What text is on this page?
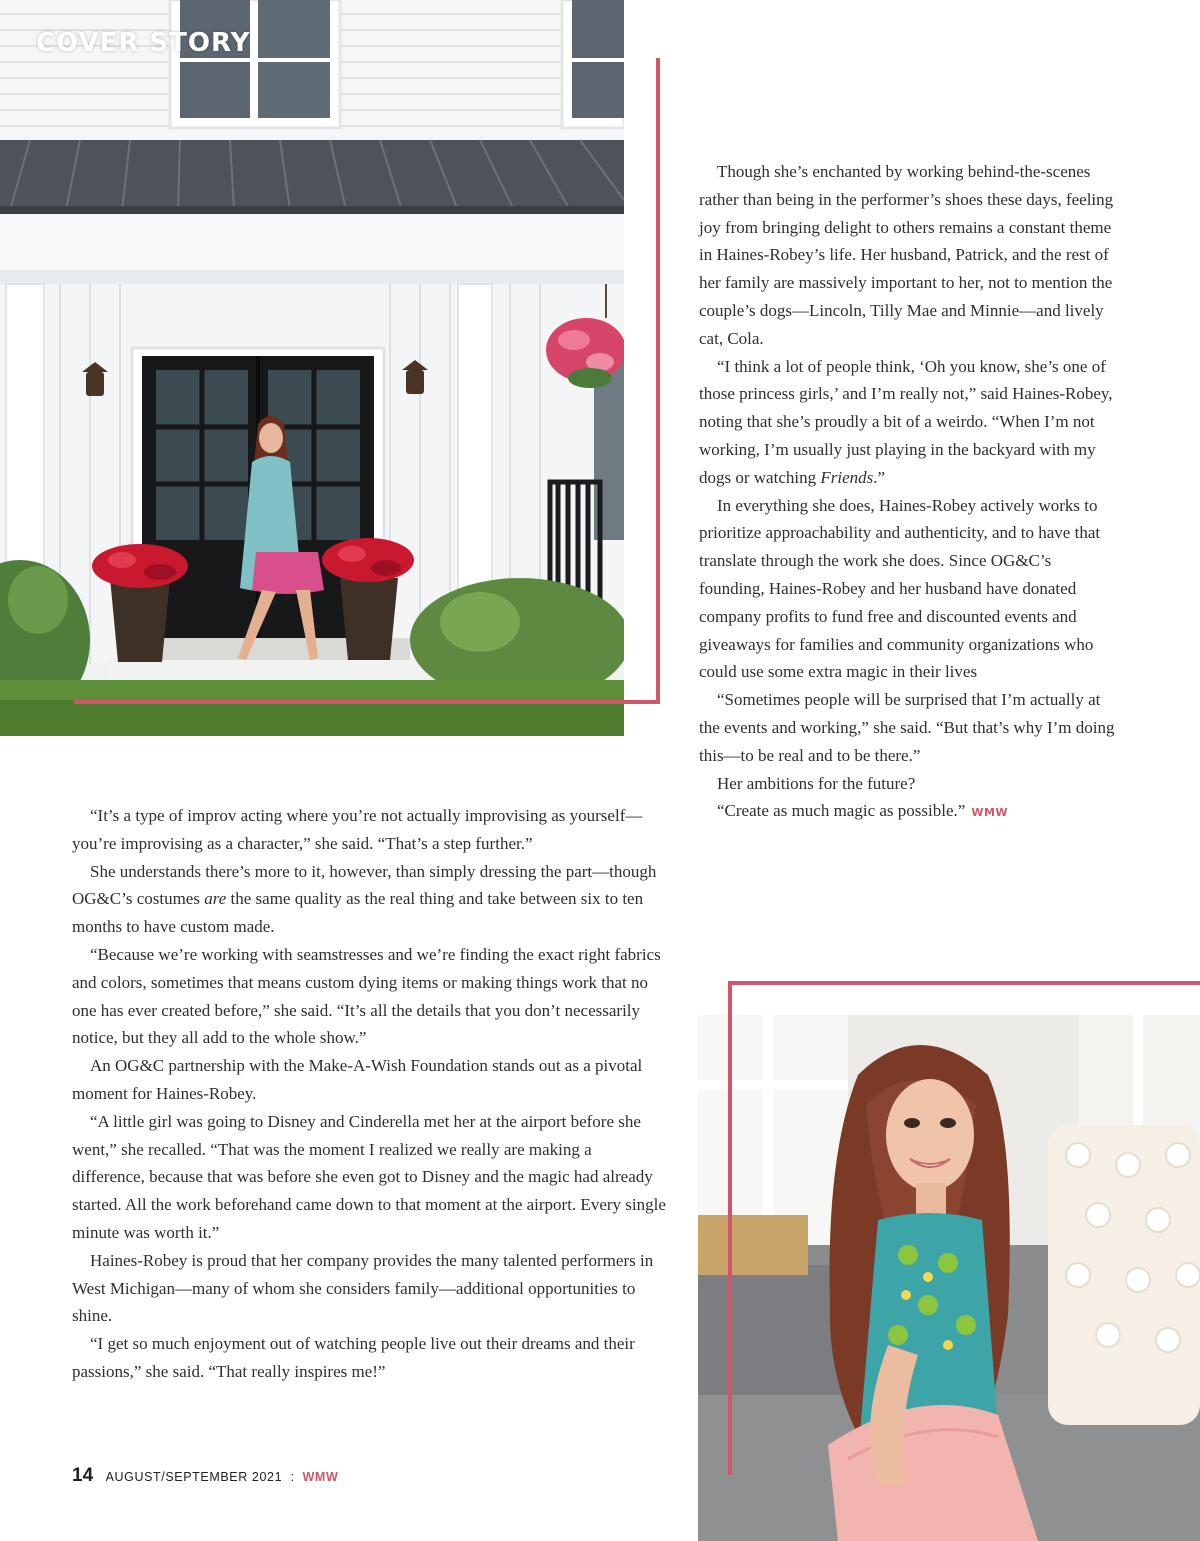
COVER STORY

Though she’s enchanted by working behind-the-scenes rather than being in the performer’s shoes these days, feeling joy from bringing delight to others remains a constant theme in Haines-Robey’s life. Her husband, Patrick, and the rest of her family are massively important to her, not to mention the couple’s dogs—Lincoln, Tilly Mae and Minnie—and lively cat, Cola.

“I think a lot of people think, ‘Oh you know, she’s one of those princess girls,’ and I’m really not,” said Haines-Robey, noting that she’s proudly a bit of a weirdo. “When I’m not working, I’m usually just playing in the backyard with my dogs or watching Friends.”

In everything she does, Haines-Robey actively works to prioritize approachability and authenticity, and to have that translate through the work she does. Since OG&C’s founding, Haines-Robey and her husband have donated company profits to fund free and discounted events and giveaways for families and community organizations who could use some extra magic in their lives

“Sometimes people will be surprised that I’m actually at the events and working,” she said. “But that’s why I’m doing this—to be real and to be there.”

Her ambitions for the future?

“Create as much magic as possible.” WMW

“It’s a type of improv acting where you’re not actually improvising as yourself—you’re improvising as a character,” she said. “That’s a step further.”

She understands there’s more to it, however, than simply dressing the part—though OG&C’s costumes are the same quality as the real thing and take between six to ten months to have custom made.

“Because we’re working with seamstresses and we’re finding the exact right fabrics and colors, sometimes that means custom dying items or making things work that no one has ever created before,” she said. “It’s all the details that you don’t necessarily notice, but they all add to the whole show.”

An OG&C partnership with the Make-A-Wish Foundation stands out as a pivotal moment for Haines-Robey.

“A little girl was going to Disney and Cinderella met her at the airport before she went,” she recalled. “That was the moment I realized we really are making a difference, because that was before she even got to Disney and the magic had already started. All the work beforehand came down to that moment at the airport. Every single minute was worth it.”

Haines-Robey is proud that her company provides the many talented performers in West Michigan—many of whom she considers family—additional opportunities to shine.

“I get so much enjoyment out of watching people live out their dreams and their passions,” she said. “That really inspires me!”

14 AUGUST/SEPTEMBER 2021 : WMW
